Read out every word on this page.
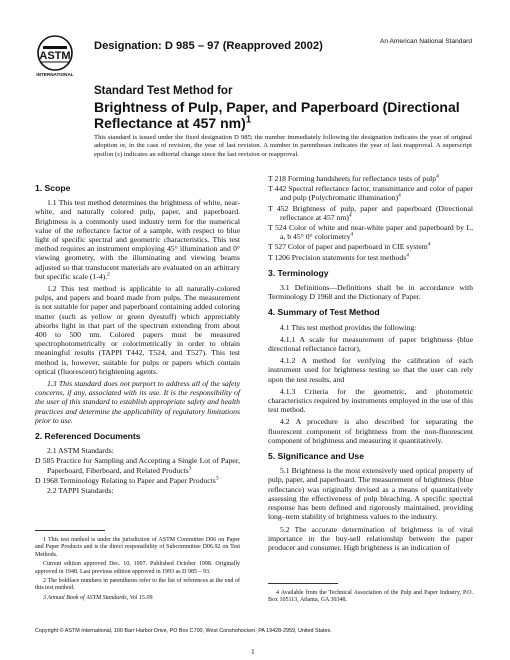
ASTM
INTERNATIONAL
Designation: D 985 – 97 (Reapproved 2002)	An American National Standard
Standard Test Method for
Brightness of Pulp, Paper, and Paperboard (Directional Reflectance at 457 nm)$^1$
This standard is issued under the fixed designation D 985; the number immediately following the designation indicates the year of original adoption or, in the case of revision, the year of last revision. A number in parentheses indicates the year of last reapproval. A superscript epsilon (ε) indicates an editorial change since the last revision or reapproval.
1. Scope

1.1 This test method determines the brightness of white, near-white, and naturally colored pulp, paper, and paperboard. Brightness is a commonly used industry term for the numerical value of the reflectance factor of a sample, with respect to blue light of specific spectral and geometric characteristics. This test method requires an instrument employing 45° illumination and 0° viewing geometry, with the illuminating and viewing beams adjusted so that translucent materials are evaluated on an arbitrary but specific scale (1-4).$^2$

1.2 This test method is applicable to all naturally-colored pulps, and papers and board made from pulps. The measurement is not suitable for paper and paperboard containing added coloring matter (such as yellow or green dyestuff) which appreciably absorbs light in that part of the spectrum extending from about 400 to 500 nm. Colored papers must be measured spectrophotometrically or colorimetrically in order to obtain meaningful results (TAPPI T442, T524, and T527). This test method is, however, suitable for pulps or papers which contain optical (fluorescent) brightening agents.

1.3 This standard does not purport to address all of the safety concerns, if any, associated with its use. It is the responsibility of the user of this standard to establish appropriate safety and health practices and determine the applicability of regulatory limitations prior to use.

2. Referenced Documents

2.1 ASTM Standards:

D 585 Practice for Sampling and Accepting a Single Lot of Paper, Paperboard, Fiberboard, and Related Products$^3$

D 1968 Terminology Relating to Paper and Paper Products$^3$

2.2 TAPPI Standards:

1 This test method is under the jurisdiction of ASTM Committee D06 on Paper and Paper Products and is the direct responsibility of Subcommittee D06.92 on Test Methods.

Current edition approved Dec. 10, 1997. Published October 1998. Originally approved in 1948. Last previous edition approved in 1993 as D 985 – 93.

2 The boldface numbers in parentheses refer to the list of references at the end of this test method.

3 Annual Book of ASTM Standards, Vol 15.09.

T 218 Forming handsheets for reflectance tests of pulp$^4$

T 442 Spectral reflectance factor, transmittance and color of paper and pulp (Polychromatic illumination)$^4$

T 452 Brightness of pulp, paper and paperboard (Directional reflectance at 457 nm)$^4$

T 524 Color of white and near-white paper and paperboard by L, a, b 45° 0° colorimetry$^4$

T 527 Color of paper and paperboard in CIE system$^4$

T 1206 Precision statements for test methods$^4$

3. Terminology

3.1 Definitions—Definitions shall be in accordance with Terminology D 1968 and the Dictionary of Paper.

4. Summary of Test Method

4.1 This test method provides the following:

4.1.1 A scale for measurement of paper brightness (blue directional reflectance factor),

4.1.2 A method for verifying the calibration of each instrument used for brightness testing so that the user can rely upon the test results, and

4.1.3 Criteria for the geometric, and photometric characteristics required by instruments employed in the use of this test method.

4.2 A procedure is also described for separating the fluorescent component of brightness from the non-fluorescent component of brightness and measuring it quantitatively.

5. Significance and Use

5.1 Brightness is the most extensively used optical property of pulp, paper, and paperboard. The measurement of brightness (blue reflectance) was originally devised as a means of quantitatively assessing the effectiveness of pulp bleaching. A specific spectral response has been defined and rigorously maintained, providing long–term stability of brightness values to the industry.

5.2 The accurate determination of brightness is of vital importance in the buy-sell relationship between the paper producer and consumer. High brightness is an indication of

4 Available from the Technical Association of the Pulp and Paper Industry, P.O. Box 105113, Atlanta, GA 30348.

Copyright © ASTM International, 100 Barr Harbor Drive, PO Box C700, West Conshohocken, PA 19428-2959, United States.
1
